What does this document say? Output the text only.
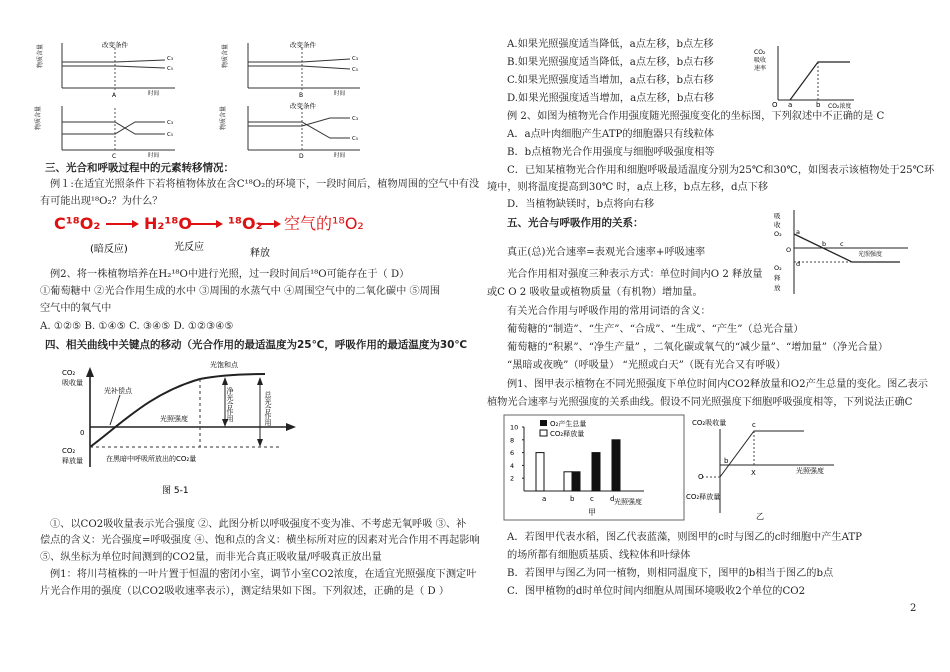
改变条件
物质含量	C₃
C₅
A	时间
改变条件
物质含量	C₃
C₅
B	时间
物质含量	C₃
C₅
C	时间
改变条件
物质含量	C₃
C₅
D	时间
三、光合和呼吸过程中的元素转移情况：
例１:在适宜光照条件下若将植物体放在含C¹⁸O₂的环境下，一段时间后，植物周围的空气中有没
有可能出现¹⁸O₂？为什么？
C¹⁸O₂	H₂¹⁸O ¹⁸O₂ 空气的¹⁸O₂
(暗反应)	光反应
释放
例2、将一株植物培养在H₂¹⁸O中进行光照，过一段时间后¹⁸O可能存在于（ D）
①葡萄糖中 ②光合作用生成的水中 ③周围的水蒸气中 ④周围空气中的二氧化碳中 ⑤周围
空气中的氧气中
A. ①②⑤ B. ①④⑤ C. ③④⑤ D. ①②③④⑤
四、相关曲线中关键点的移动（光合作用的最适温度为25℃，呼吸作用的最适温度为30℃
CO₂
吸收量
CO₂
释放量
0
光饱和点
光补偿点	净光合作用	总光合作用
光照强度
在黑暗中呼吸所放出的CO₂量
图 5-1
①、以CO2吸收量表示光合强度 ②、此图分析以呼吸强度不变为准、不考虑无氧呼吸 ③、补
偿点的含义：光合强度=呼吸强度 ④、饱和点的含义：横坐标所对应的因素对光合作用不再起影响
⑤、纵坐标为单位时间测到的CO2量，而非光合真正吸收量/呼吸真正放出量
例1：将川芎植株的一叶片置于恒温的密闭小室，调节小室CO2浓度，在适宜光照强度下测定叶
片光合作用的强度（以CO2吸收速率表示），测定结果如下图。下列叙述，正确的是（ D ）
A.如果光照强度适当降低，a点左移，b点左移
B.如果光照强度适当降低，a点左移，b点右移
C.如果光照强度适当增加，a点右移，b点右移
D.如果光照强度适当增加，a点左移，b点右移
CO₂
吸收
速率
O a	b CO₂浓度
例 2、如图为植物光合作用强度随光照强度变化的坐标图，下列叙述中不正确的是 C
A．a点叶肉细胞产生ATP的细胞器只有线粒体
B．b点植物光合作用强度与细胞呼吸强度相等
C．已知某植物光合作用和细胞呼吸最适温度分别为25℃和30℃，如图表示该植物处于25℃环
境中，则将温度提高到30℃ 时，a点上移，b点左移，d点下移
D．当植物缺镁时，b点将向右移
五、光合与呼吸作用的关系：
吸
收
O₂ a
O
b c
d
光照强度
O₂
释
放
真正(总)光合速率=表观光合速率+呼吸速率
光合作用相对强度三种表示方式：单位时间内O 2 释放量
或C O 2 吸收量或植物质量（有机物）增加量。
有关光合作用与呼吸作用的常用词语的含义：
葡萄糖的“制造”、“生产”、“合成”、“生成”、“产生”（总光合量）
葡萄糖的“积累”、“净生产量” ，二氧化碳或氧气的“减少量”、“增加量”（净光合量）
“黑暗或夜晚”（呼吸量） “光照或白天”（既有光合又有呼吸）
例1、图甲表示植物在不同光照强度下单位时间内CO2释放量和O2产生总量的变化。图乙表示
植物光合速率与光照强度的关系曲线。假设不同光照强度下细胞呼吸强度相等，下列说法正确C
10
8
6
4
2
O₂产生总量
CO₂释放量
a	b c d 光照强度
甲
CO₂吸收量	c
b
X	光照强度
O
CO₂释放量
乙
A．若图甲代表水稻，图乙代表蓝藻，则图甲的c时与图乙的c时细胞中产生ATP
的场所都有细胞质基质、线粒体和叶绿体
B．若图甲与图乙为同一植物，则相同温度下，图甲的b相当于图乙的b点
C．图甲植物的d时单位时间内细胞从周围环境吸收2个单位的CO2
2
